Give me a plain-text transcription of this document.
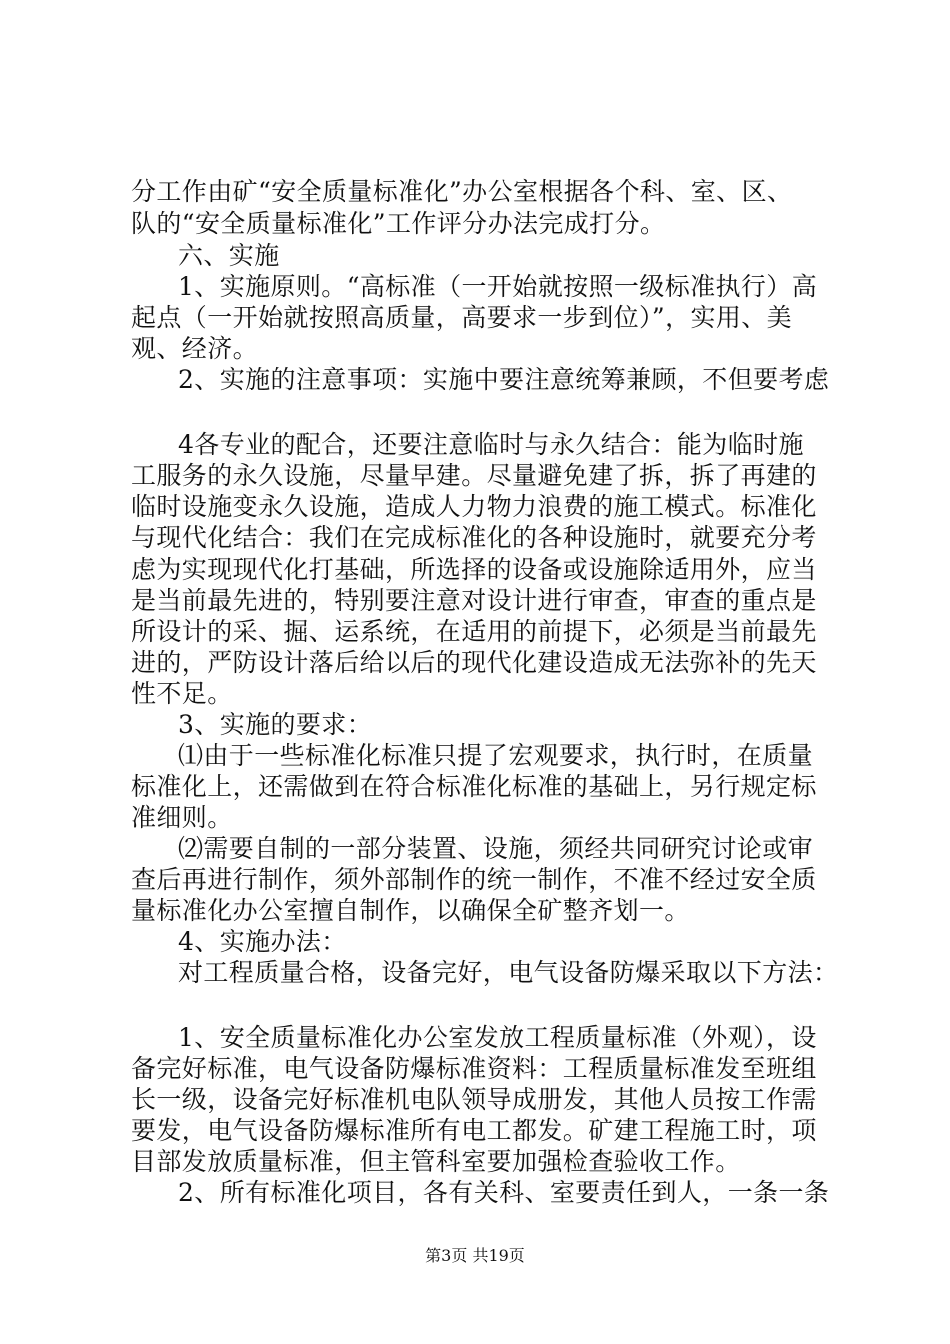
分工作由矿“安全质量标准化”办公室根据各个科、室、区、
队的“安全质量标准化”工作评分办法完成打分。
六、实施
1、实施原则。“高标准（一开始就按照一级标准执行）高
起点（一开始就按照高质量，高要求一步到位）”，实用、美
观、经济。
2、实施的注意事项：实施中要注意统筹兼顾，不但要考虑
4各专业的配合，还要注意临时与永久结合：能为临时施
工服务的永久设施，尽量早建。尽量避免建了拆，拆了再建的
临时设施变永久设施，造成人力物力浪费的施工模式。标准化
与现代化结合：我们在完成标准化的各种设施时，就要充分考
虑为实现现代化打基础，所选择的设备或设施除适用外，应当
是当前最先进的，特别要注意对设计进行审查，审查的重点是
所设计的采、掘、运系统，在适用的前提下，必须是当前最先
进的，严防设计落后给以后的现代化建设造成无法弥补的先天
性不足。
3、实施的要求：
⑴由于一些标准化标准只提了宏观要求，执行时，在质量
标准化上，还需做到在符合标准化标准的基础上，另行规定标
准细则。
⑵需要自制的一部分装置、设施，须经共同研究讨论或审
查后再进行制作，须外部制作的统一制作，不准不经过安全质
量标准化办公室擅自制作，以确保全矿整齐划一。
4、实施办法：
对工程质量合格，设备完好，电气设备防爆采取以下方法：
1、安全质量标准化办公室发放工程质量标准（外观），设
备完好标准，电气设备防爆标准资料：工程质量标准发至班组
长一级，设备完好标准机电队领导成册发，其他人员按工作需
要发，电气设备防爆标准所有电工都发。矿建工程施工时，项
目部发放质量标准，但主管科室要加强检查验收工作。
2、所有标准化项目，各有关科、室要责任到人，一条一条
第3页 共19页
